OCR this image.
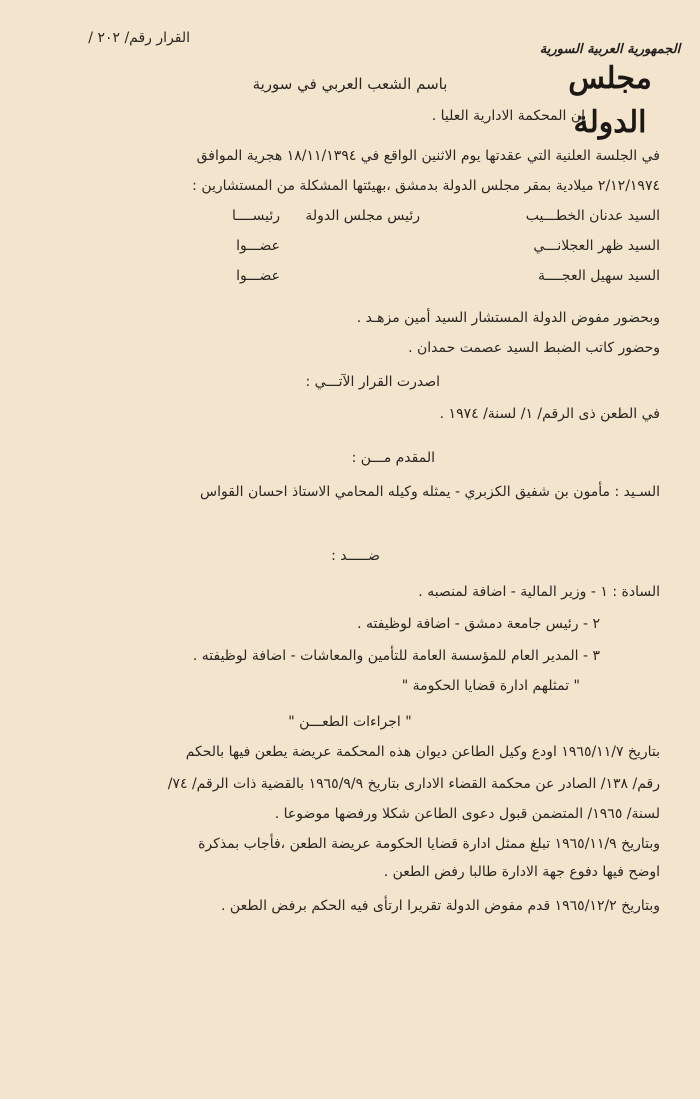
القرار رقم/ ٢٠٢ /
الجمهورية العربية السورية
مجلس الدولة
باسم الشعب العربي في سورية
ان المحكمة الادارية العليا .
في الجلسة العلنية التي عقدتها يوم الاثنين الواقع في ١٨/١١/١٣٩٤ هجرية الموافق
٢/١٢/١٩٧٤ ميلادية بمقر مجلس الدولة بدمشق ،بهيئتها المشكلة من المستشارين :
السيد عدنان الخطـــيب
رئيس مجلس الدولة
رئيســــا
السيد ظهر العجلانـــي
عضـــوا
السيد سهيل العجــــة
عضـــوا
وبحضور مفوض الدولة المستشار السيد أمين مزهـد .
وحضور كاتب الضبط السيد عصمت حمدان .
اصدرت القرار الآتـــي :
في الطعن ذى الرقم/ ١/ لسنة/ ١٩٧٤ .
المقدم مـــن :
السـيد : مأمون بن شفيق الكزبري - يمثله وكيله المحامي الاستاذ احسان القواس
ضـــــد :
السادة : ١ - وزير المالية - اضافة لمنصبه .
٢ - رئيس جامعة دمشق - اضافة لوظيفته .
٣ - المدير العام للمؤسسة العامة للتأمين والمعاشات - اضافة لوظيفته .
" تمثلهم ادارة قضايا الحكومة "
" اجراءات الطعـــن "
بتاريخ ١٩٦٥/١١/٧ اودع وكيل الطاعن ديوان هذه المحكمة عريضة يطعن فيها بالحكم
رقم/ ١٣٨/ الصادر عن محكمة القضاء الادارى بتاريخ ١٩٦٥/٩/٩ بالقضية ذات الرقم/ ٧٤/
لسنة/ ١٩٦٥/ المتضمن قبول دعوى الطاعن شكلا ورفضها موضوعا .
وبتاريخ ١٩٦٥/١١/٩ تبلغ ممثل ادارة قضايا الحكومة عريضة الطعن ،فأجاب بمذكرة
اوضح فيها دفوع جهة الادارة طالبا رفض الطعن .
وبتاريخ ١٩٦٥/١٢/٢ قدم مفوض الدولة تقريرا ارتأى فيه الحكم برفض الطعن .
